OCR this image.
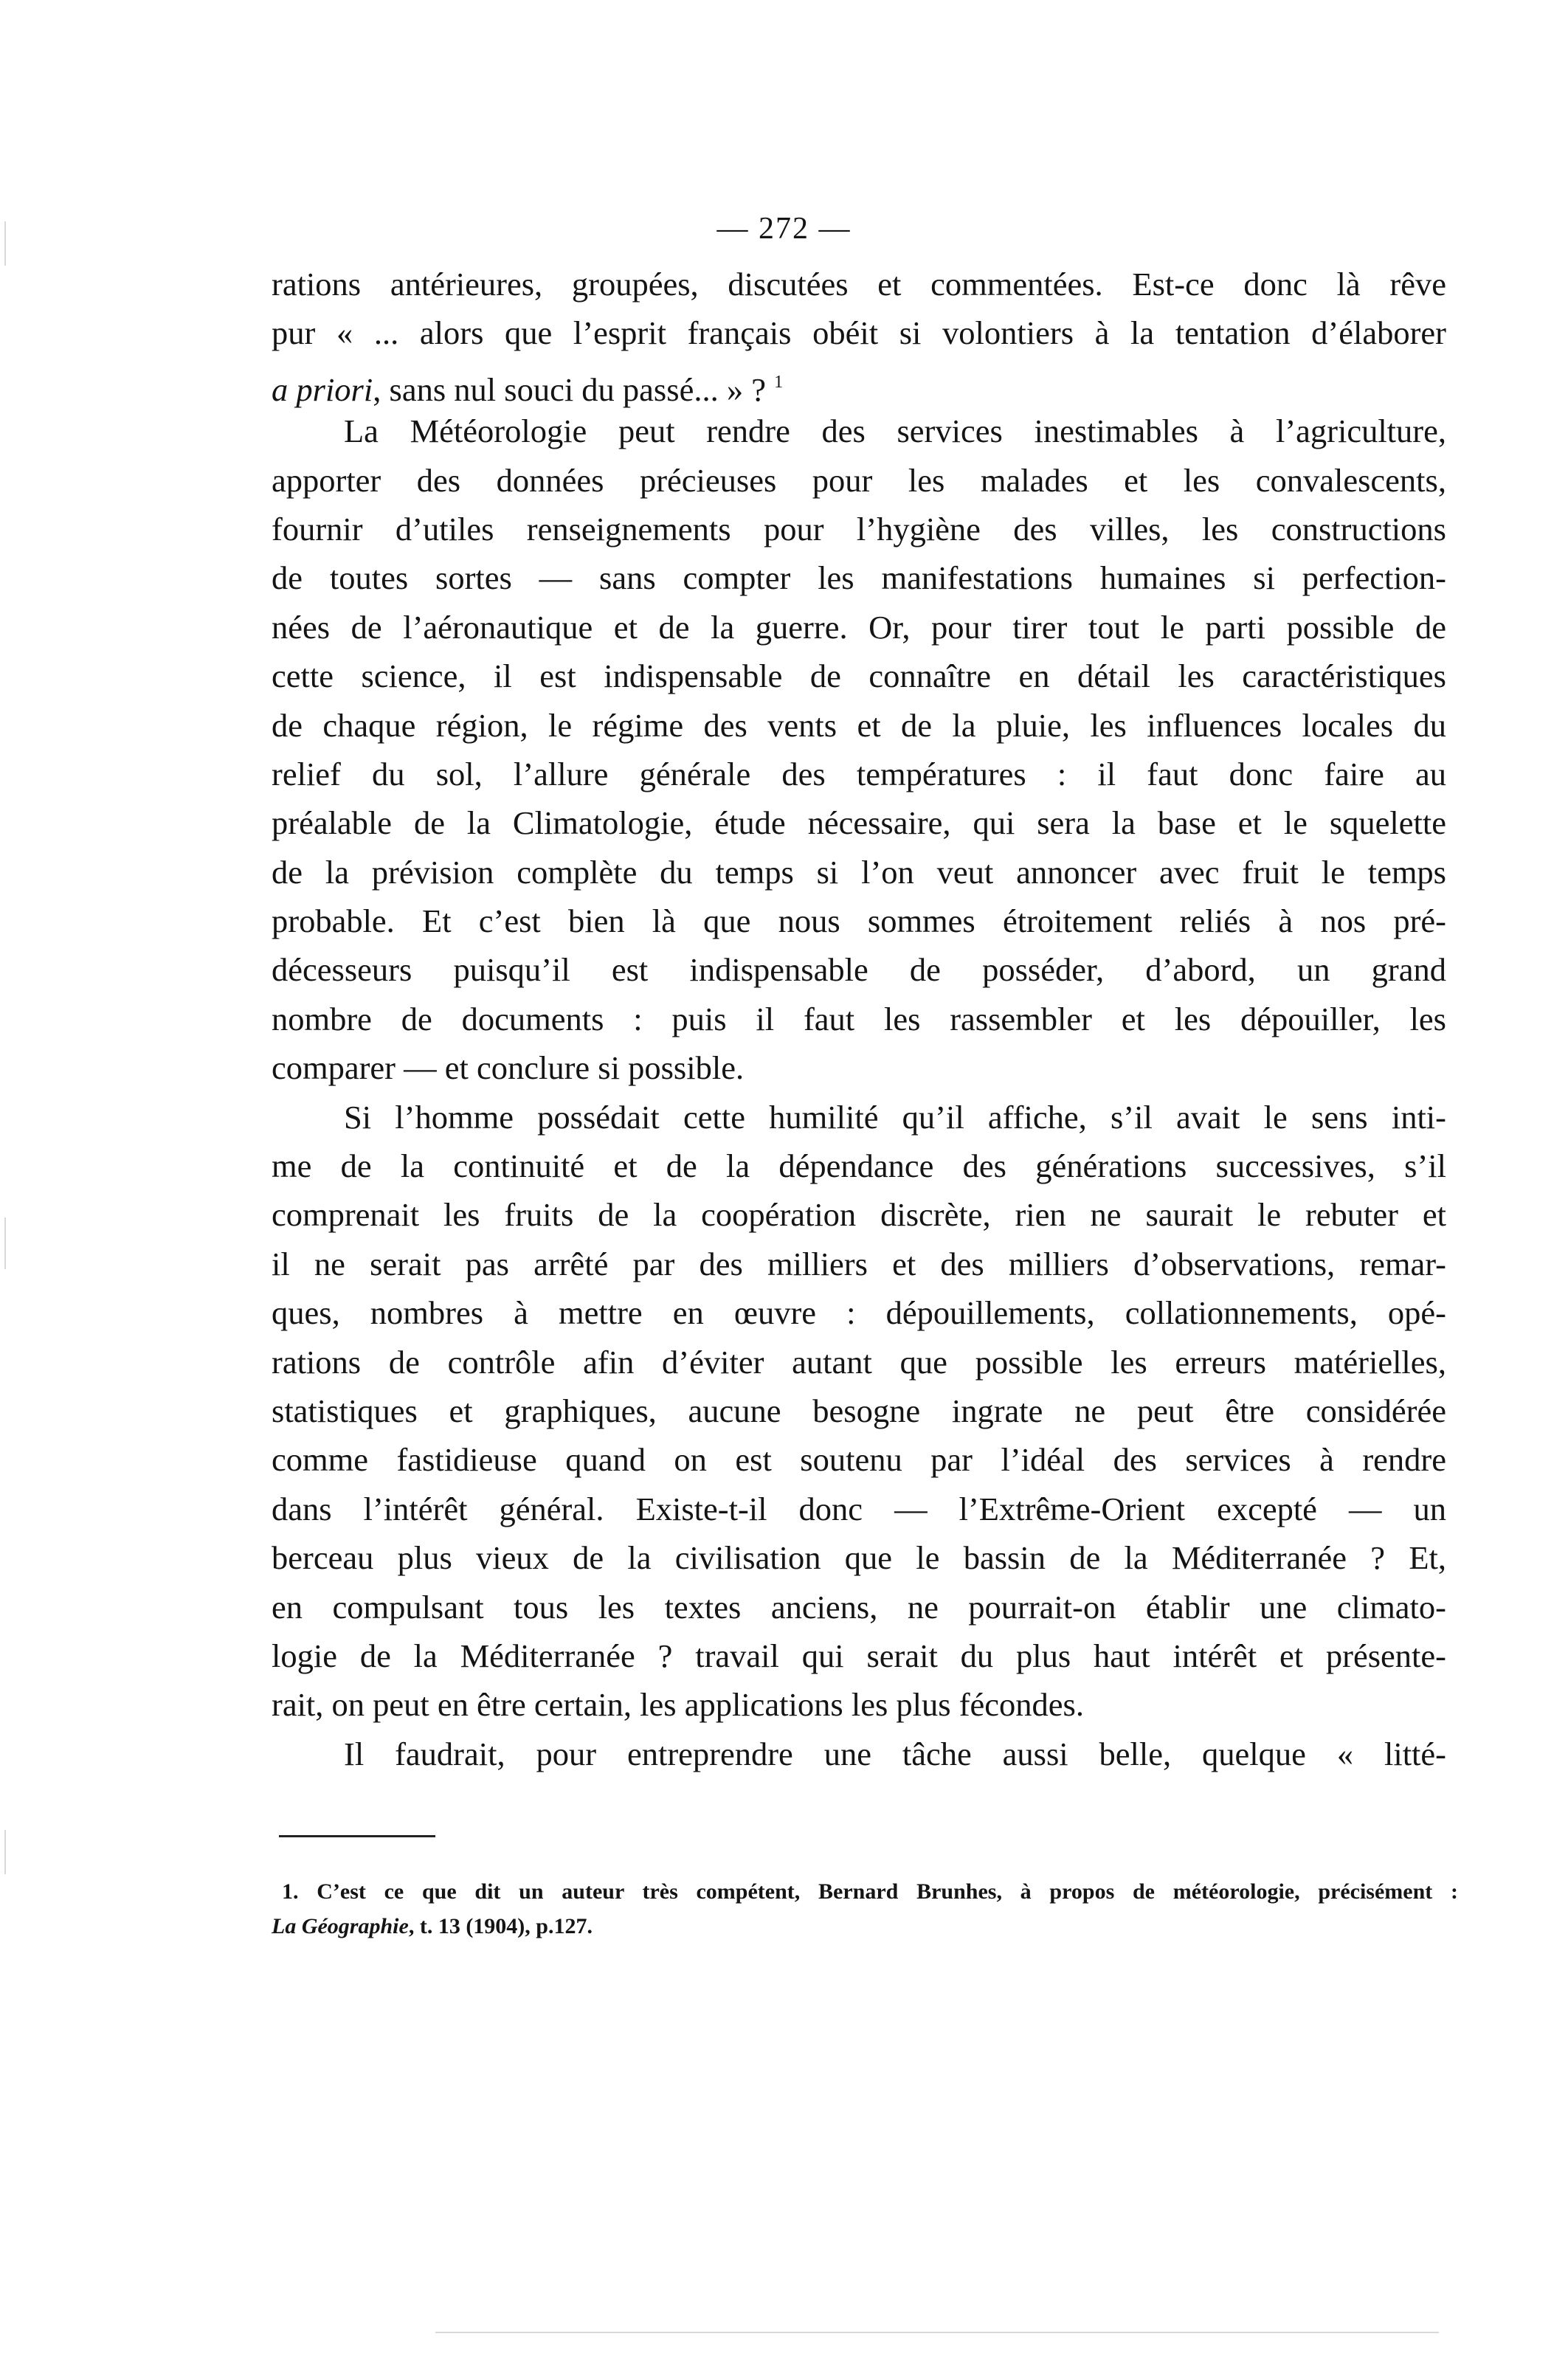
— 272 —
rations antérieures, groupées, discutées et commentées. Est-ce donc là rêve
pur « ... alors que l’esprit français obéit si volontiers à la tentation d’élaborer
a priori, sans nul souci du passé... » ? $^1$
La Météorologie peut rendre des services inestimables à l’agriculture,
apporter des données précieuses pour les malades et les convalescents,
fournir d’utiles renseignements pour l’hygiène des villes, les constructions
de toutes sortes — sans compter les manifestations humaines si perfection-
nées de l’aéronautique et de la guerre. Or, pour tirer tout le parti possible de
cette science, il est indispensable de connaître en détail les caractéristiques
de chaque région, le régime des vents et de la pluie, les influences locales du
relief du sol, l’allure générale des températures : il faut donc faire au
préalable de la Climatologie, étude nécessaire, qui sera la base et le squelette
de la prévision complète du temps si l’on veut annoncer avec fruit le temps
probable. Et c’est bien là que nous sommes étroitement reliés à nos pré-
décesseurs puisqu’il est indispensable de posséder, d’abord, un grand
nombre de documents : puis il faut les rassembler et les dépouiller, les
comparer — et conclure si possible.
Si l’homme possédait cette humilité qu’il affiche, s’il avait le sens inti-
me de la continuité et de la dépendance des générations successives, s’il
comprenait les fruits de la coopération discrète, rien ne saurait le rebuter et
il ne serait pas arrêté par des milliers et des milliers d’observations, remar-
ques, nombres à mettre en œuvre : dépouillements, collationnements, opé-
rations de contrôle afin d’éviter autant que possible les erreurs matérielles,
statistiques et graphiques, aucune besogne ingrate ne peut être considérée
comme fastidieuse quand on est soutenu par l’idéal des services à rendre
dans l’intérêt général. Existe-t-il donc — l’Extrême-Orient excepté — un
berceau plus vieux de la civilisation que le bassin de la Méditerranée ? Et,
en compulsant tous les textes anciens, ne pourrait-on établir une climato-
logie de la Méditerranée ? travail qui serait du plus haut intérêt et présente-
rait, on peut en être certain, les applications les plus fécondes.
Il faudrait, pour entreprendre une tâche aussi belle, quelque « litté-
1. C’est ce que dit un auteur très compétent, Bernard Brunhes, à propos de météorologie, précisément :
La Géographie, t. 13 (1904), p.127.
